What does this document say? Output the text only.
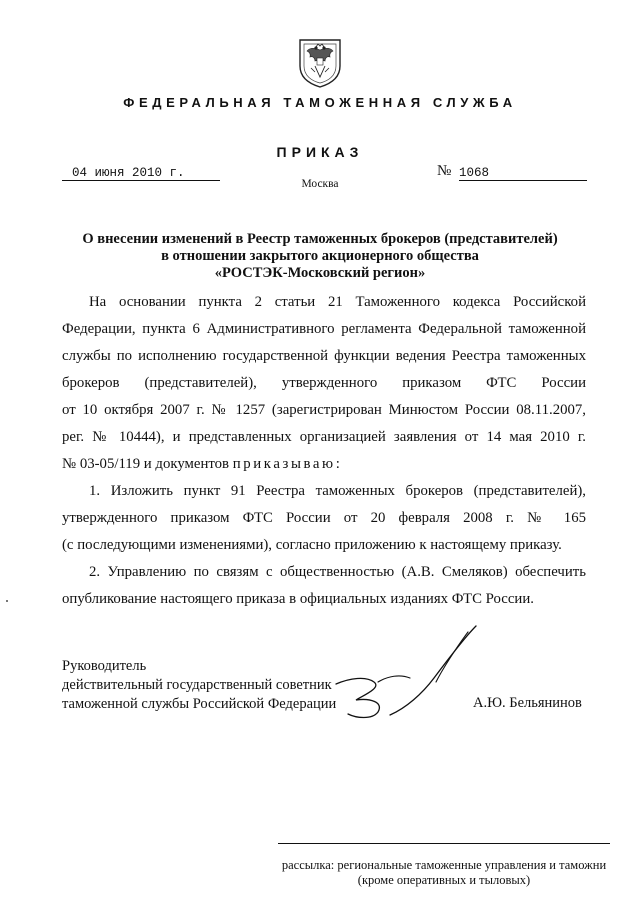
ФЕДЕРАЛЬНАЯ ТАМОЖЕННАЯ СЛУЖБА
ПРИКАЗ
04 июня 2010 г.	№ 1068
Москва
О внесении изменений в Реестр таможенных брокеров (представителей)
в отношении закрытого акционерного общества
«РОСТЭК-Московский регион»
На основании пункта 2 статьи 21 Таможенного кодекса Российской
Федерации, пункта 6 Административного регламента Федеральной таможенной
службы по исполнению государственной функции ведения Реестра таможенных
брокеров (представителей), утвержденного приказом ФТС России
от 10 октября 2007 г. № 1257 (зарегистрирован Минюстом России 08.11.2007,
рег. № 10444), и представленных организацией заявления от 14 мая 2010 г.
№ 03-05/119 и документов приказываю:
1. Изложить пункт 91 Реестра таможенных брокеров (представителей),
утвержденного приказом ФТС России от 20 февраля 2008 г. № 165
(с последующими изменениями), согласно приложению к настоящему приказу.
2. Управлению по связям с общественностью (А.В. Смеляков) обеспечить
опубликование настоящего приказа в официальных изданиях ФТС России.
Руководитель
действительный государственный советник
таможенной службы Российской Федерации	А.Ю. Бельянинов
рассылка: региональные таможенные управления и таможни
(кроме оперативных и тыловых)
